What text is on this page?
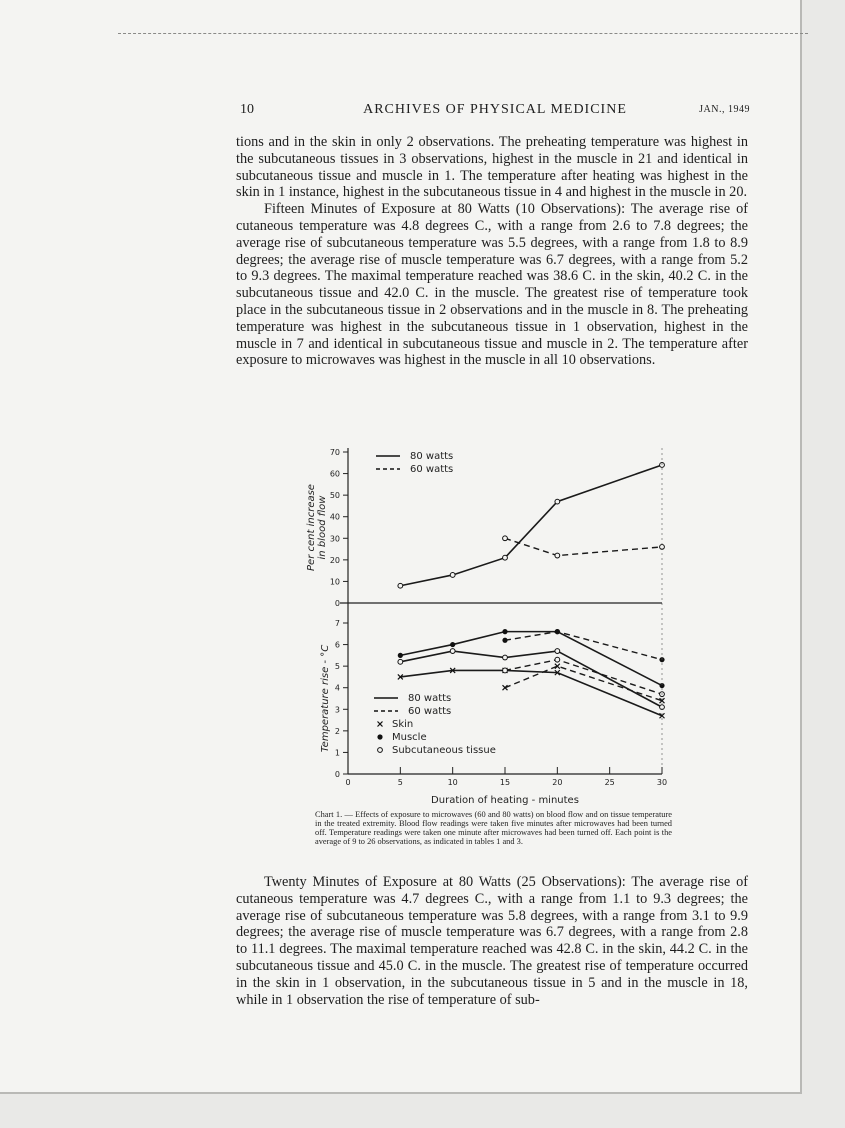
10	ARCHIVES OF PHYSICAL MEDICINE	JAN., 1949

tions and in the skin in only 2 observations. The preheating temperature was highest in the subcutaneous tissues in 3 observations, highest in the muscle in 21 and identical in subcutaneous tissue and muscle in 1. The temperature after heating was highest in the skin in 1 instance, highest in the subcutaneous tissue in 4 and highest in the muscle in 20.

Fifteen Minutes of Exposure at 80 Watts (10 Observations): The average rise of cutaneous temperature was 4.8 degrees C., with a range from 2.6 to 7.8 degrees; the average rise of subcutaneous temperature was 5.5 degrees, with a range from 1.8 to 8.9 degrees; the average rise of muscle temperature was 6.7 degrees, with a range from 5.2 to 9.3 degrees. The maximal temperature reached was 38.6 C. in the skin, 40.2 C. in the subcutaneous tissue and 42.0 C. in the muscle. The greatest rise of temperature took place in the subcutaneous tissue in 2 observations and in the muscle in 8. The preheating temperature was highest in the subcutaneous tissue in 1 observation, highest in the muscle in 7 and identical in subcutaneous tissue and muscle in 2. The temperature after exposure to microwaves was highest in the muscle in all 10 observations.

0
10
20
30
40
50
60
70
Per cent increase in blood flow
0
1
2
3
4
5
6
7
Temperature rise - °C
0	5	10	15	20	25	30
Duration of heating - minutes
80 watts
60 watts
80 watts
60 watts
Skin
Muscle
Subcutaneous tissue
Chart 1. — Effects of exposure to microwaves (60 and 80 watts) on blood flow and on tissue temperature in the treated extremity. Blood flow readings were taken five minutes after microwaves had been turned off. Temperature readings were taken one minute after microwaves had been turned off. Each point is the average of 9 to 26 observations, as indicated in tables 1 and 3.

Twenty Minutes of Exposure at 80 Watts (25 Observations): The average rise of cutaneous temperature was 4.7 degrees C., with a range from 1.1 to 9.3 degrees; the average rise of subcutaneous temperature was 5.8 degrees, with a range from 3.1 to 9.9 degrees; the average rise of muscle temperature was 6.7 degrees, with a range from 2.8 to 11.1 degrees. The maximal temperature reached was 42.8 C. in the skin, 44.2 C. in the subcutaneous tissue and 45.0 C. in the muscle. The greatest rise of temperature occurred in the skin in 1 observation, in the subcutaneous tissue in 5 and in the muscle in 18, while in 1 observation the rise of temperature of sub-
